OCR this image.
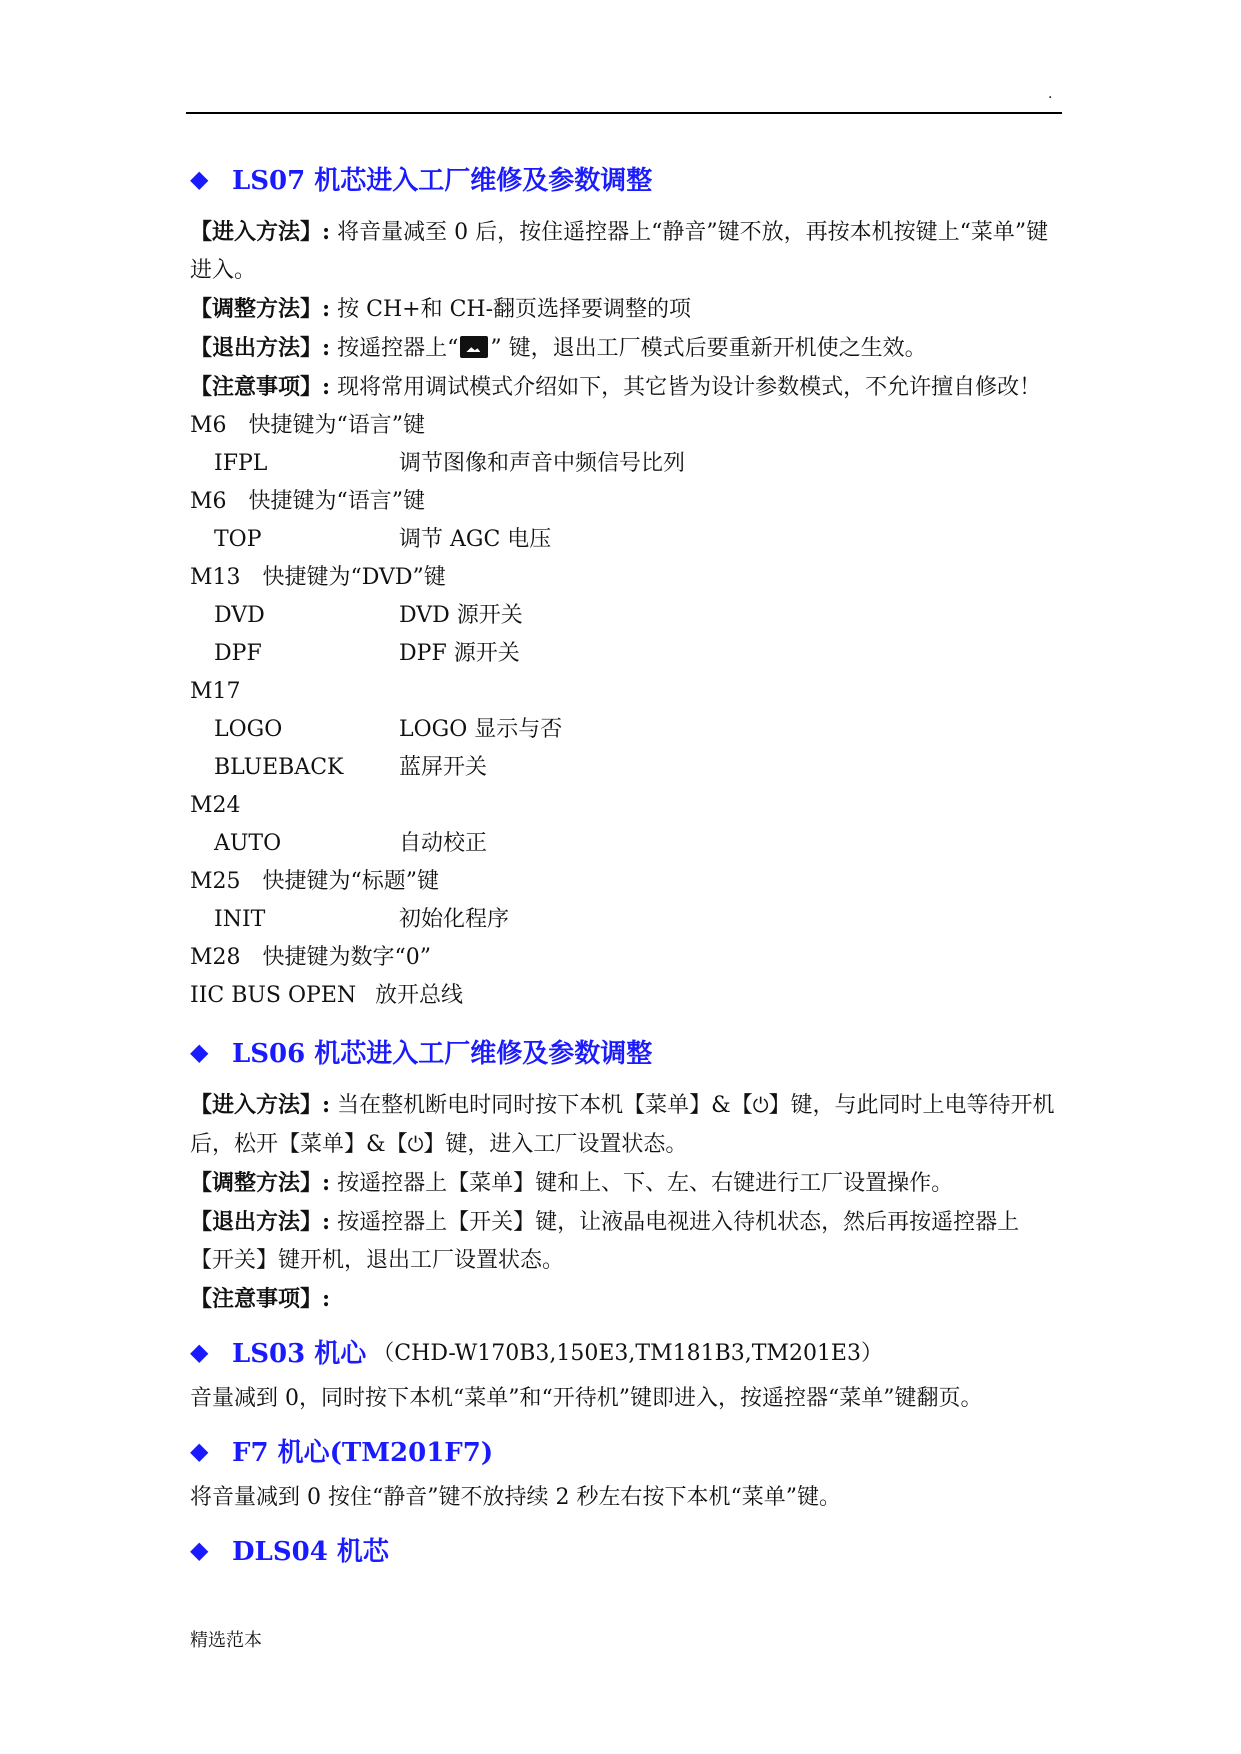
.
◆ LS07 机芯进入工厂维修及参数调整

【进入方法】: 将音量减至 0 后，按住遥控器上“静音”键不放，再按本机按键上“菜单”键进入。

【调整方法】: 按 CH+和 CH-翻页选择要调整的项

【退出方法】: 按遥控器上“ ” 键，退出工厂模式后要重新开机使之生效。

【注意事项】: 现将常用调试模式介绍如下，其它皆为设计参数模式，不允许擅自修改！

M6　快捷键为“语言”键
IFPL	调节图像和声音中频信号比列
M6　快捷键为“语言”键
TOP	调节 AGC 电压
M13　快捷键为“DVD”键
DVD	DVD 源开关
DPF	DPF 源开关
M17
LOGO	LOGO 显示与否
BLUEBACK	蓝屏开关
M24
AUTO	自动校正
M25　快捷键为“标题”键
INIT	初始化程序
M28　快捷键为数字“0”
IIC BUS OPEN 放开总线
◆ LS06 机芯进入工厂维修及参数调整

【进入方法】: 当在整机断电时同时按下本机【菜单】&【⏻】键，与此同时上电等待开机后，松开【菜单】&【⏻】键，进入工厂设置状态。

【调整方法】: 按遥控器上【菜单】键和上、下、左、右键进行工厂设置操作。

【退出方法】: 按遥控器上【开关】键，让液晶电视进入待机状态，然后再按遥控器上【开关】键开机，退出工厂设置状态。

【注意事项】:

◆ LS03 机心 （CHD-W170B3,150E3,TM181B3,TM201E3）

音量减到 0，同时按下本机“菜单”和“开待机”键即进入，按遥控器“菜单”键翻页。

◆ F7 机心(TM201F7)

将音量减到 0 按住“静音”键不放持续 2 秒左右按下本机“菜单”键。

◆ DLS04 机芯
精选范本
